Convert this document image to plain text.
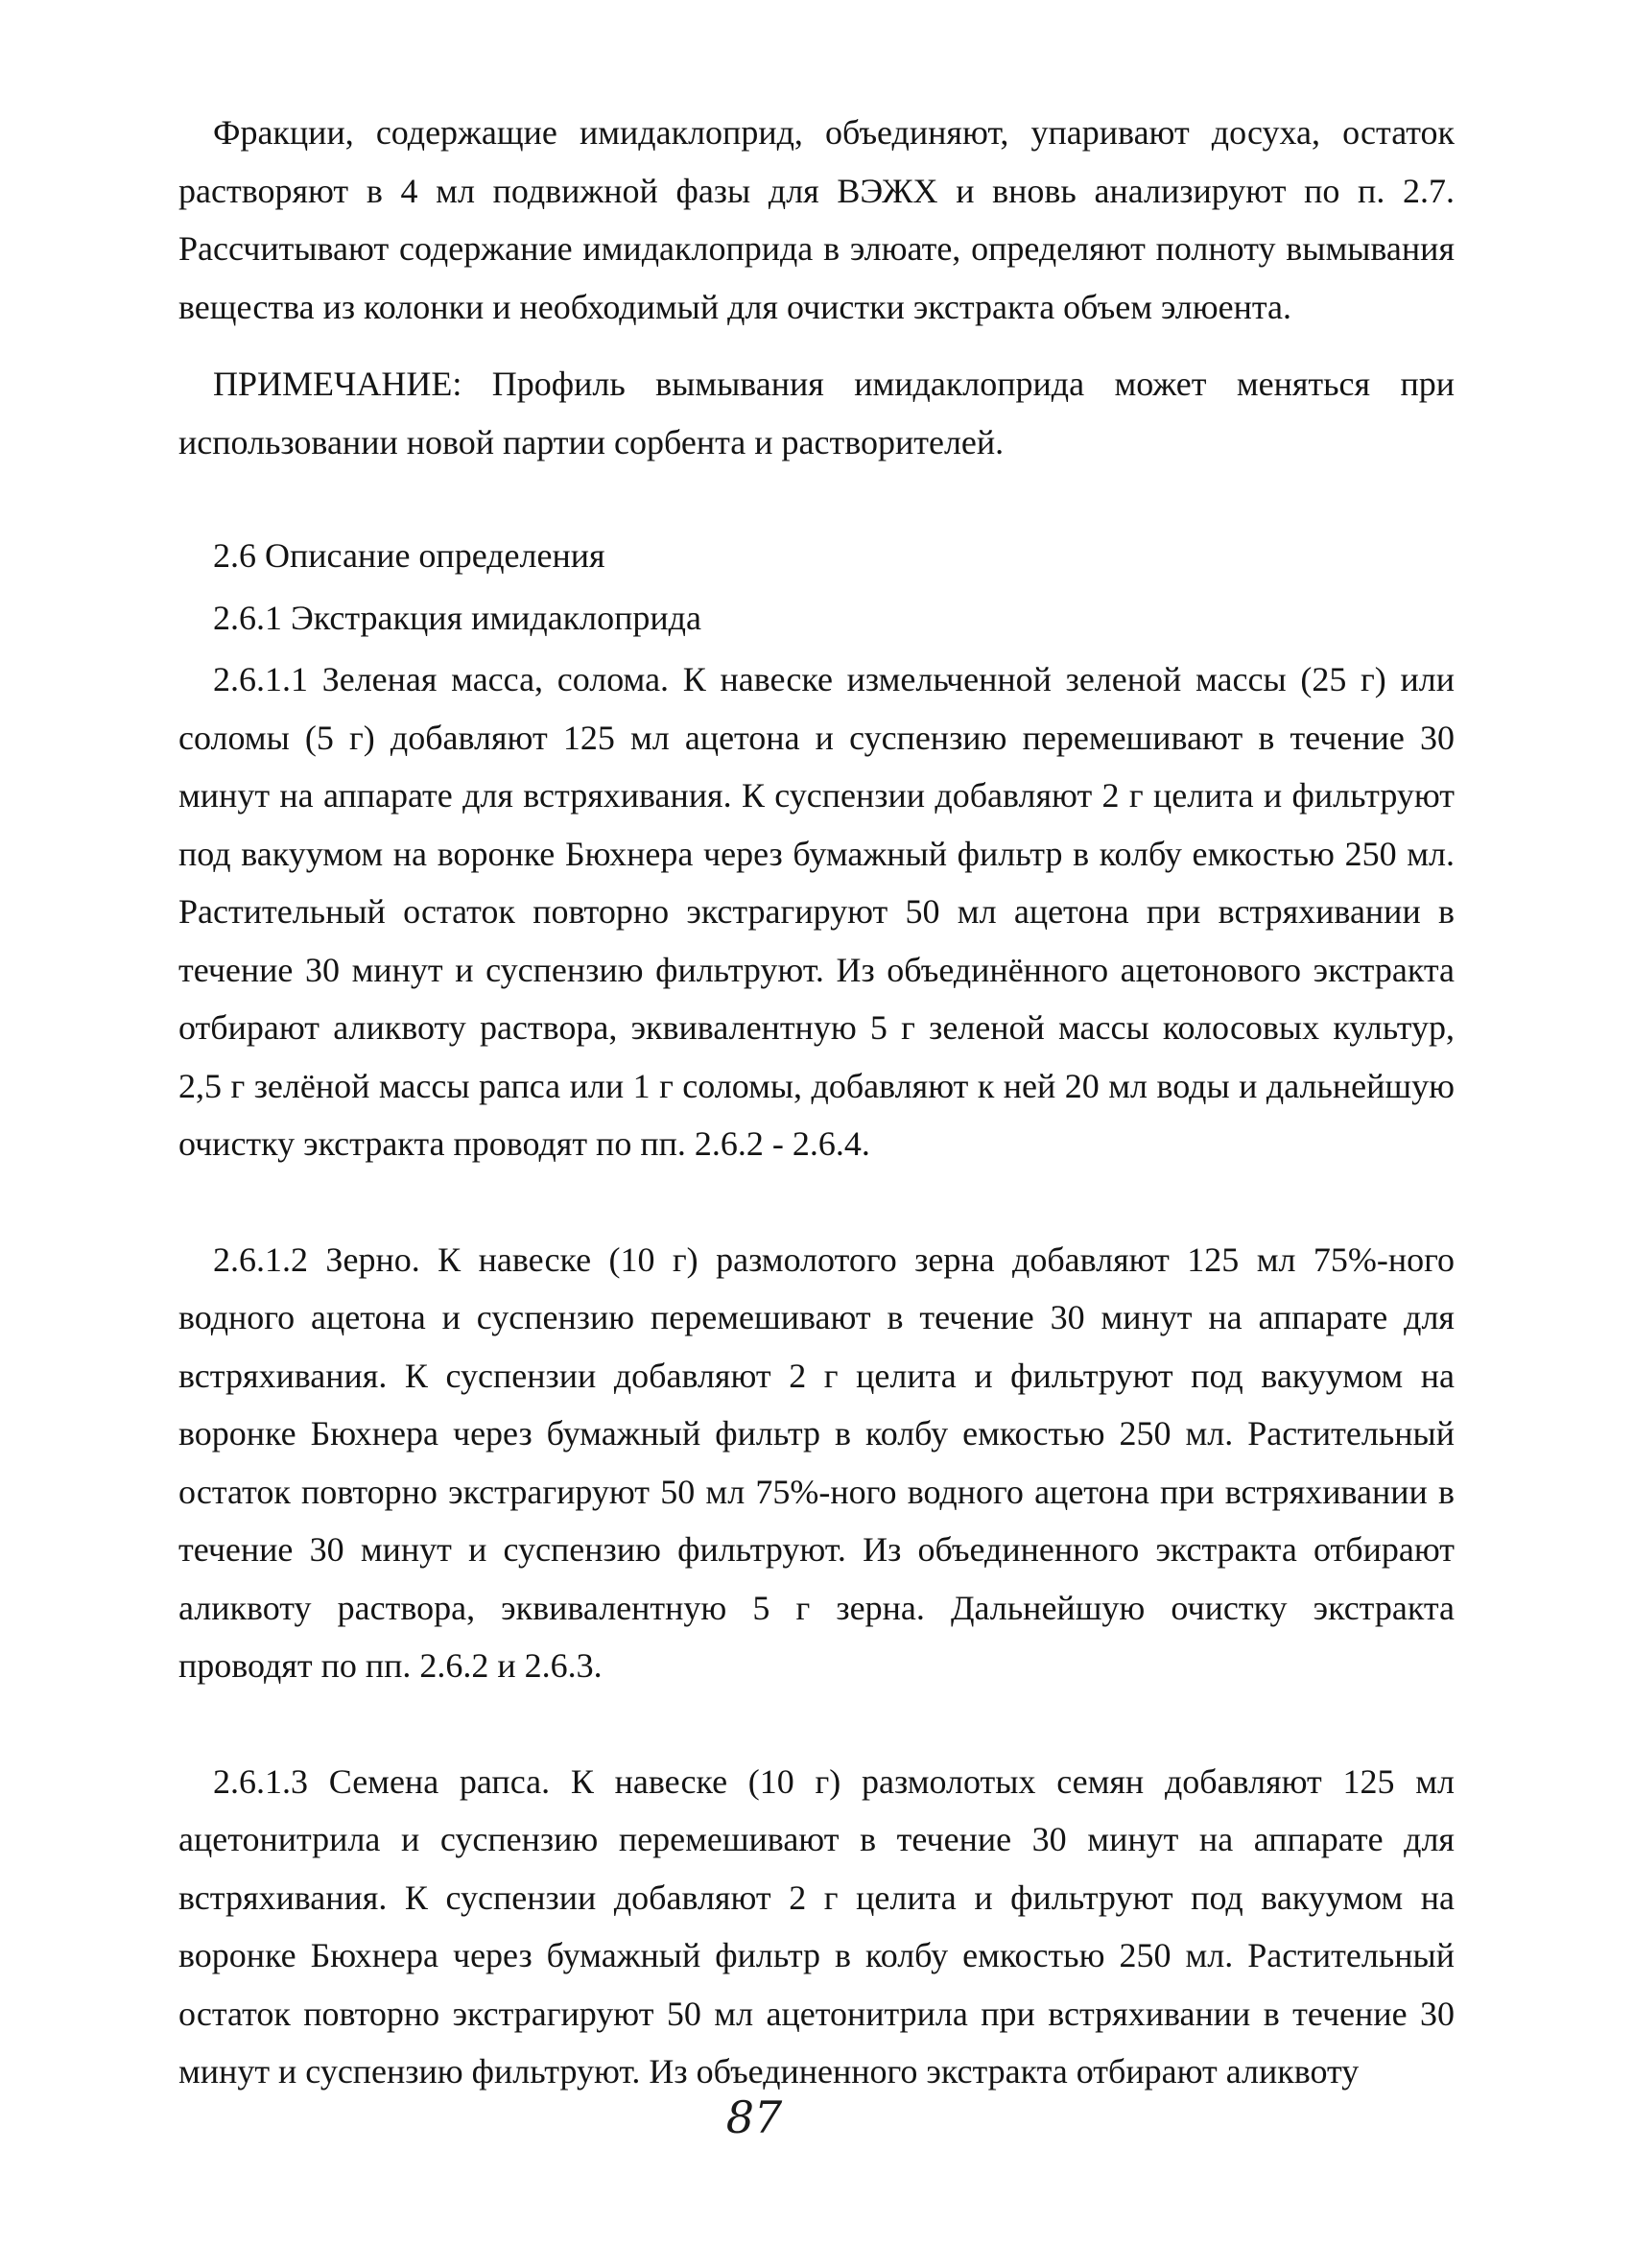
Фракции, содержащие имидаклоприд, объединяют, упаривают досуха, остаток растворяют в 4 мл подвижной фазы для ВЭЖХ и вновь анализируют по п. 2.7. Рассчитывают содержание имидаклоприда в элюате, определяют полноту вымывания вещества из колонки и необходимый для очистки экстракта объем элюента.

ПРИМЕЧАНИЕ: Профиль вымывания имидаклоприда может меняться при использовании новой партии сорбента и растворителей.

2.6 Описание определения

2.6.1 Экстракция имидаклоприда

2.6.1.1 Зеленая масса, солома. К навеске измельченной зеленой массы (25 г) или соломы (5 г) добавляют 125 мл ацетона и суспензию перемешивают в течение 30 минут на аппарате для встряхивания. К суспензии добавляют 2 г целита и фильтруют под вакуумом на воронке Бюхнера через бумажный фильтр в колбу емкостью 250 мл. Растительный остаток повторно экстрагируют 50 мл ацетона при встряхивании в течение 30 минут и суспензию фильтруют. Из объединённого ацетонового экстракта отбирают аликвоту раствора, эквивалентную 5 г зеленой массы колосовых культур, 2,5 г зелёной массы рапса или 1 г соломы, добавляют к ней 20 мл воды и дальнейшую очистку экстракта проводят по пп. 2.6.2 - 2.6.4.

2.6.1.2 Зерно. К навеске (10 г) размолотого зерна добавляют 125 мл 75%-ного водного ацетона и суспензию перемешивают в течение 30 минут на аппарате для встряхивания. К суспензии добавляют 2 г целита и фильтруют под вакуумом на воронке Бюхнера через бумажный фильтр в колбу емкостью 250 мл. Растительный остаток повторно экстрагируют 50 мл 75%-ного водного ацетона при встряхивании в течение 30 минут и суспензию фильтруют. Из объединенного экстракта отбирают аликвоту раствора, эквивалентную 5 г зерна. Дальнейшую очистку экстракта проводят по пп. 2.6.2 и 2.6.3.

2.6.1.3 Семена рапса. К навеске (10 г) размолотых семян добавляют 125 мл ацетонитрила и суспензию перемешивают в течение 30 минут на аппарате для встряхивания. К суспензии добавляют 2 г целита и фильтруют под вакуумом на воронке Бюхнера через бумажный фильтр в колбу емкостью 250 мл. Растительный остаток повторно экстрагируют 50 мл ацетонитрила при встряхивании в течение 30 минут и суспензию фильтруют. Из объединенного экстракта отбирают аликвоту

87
